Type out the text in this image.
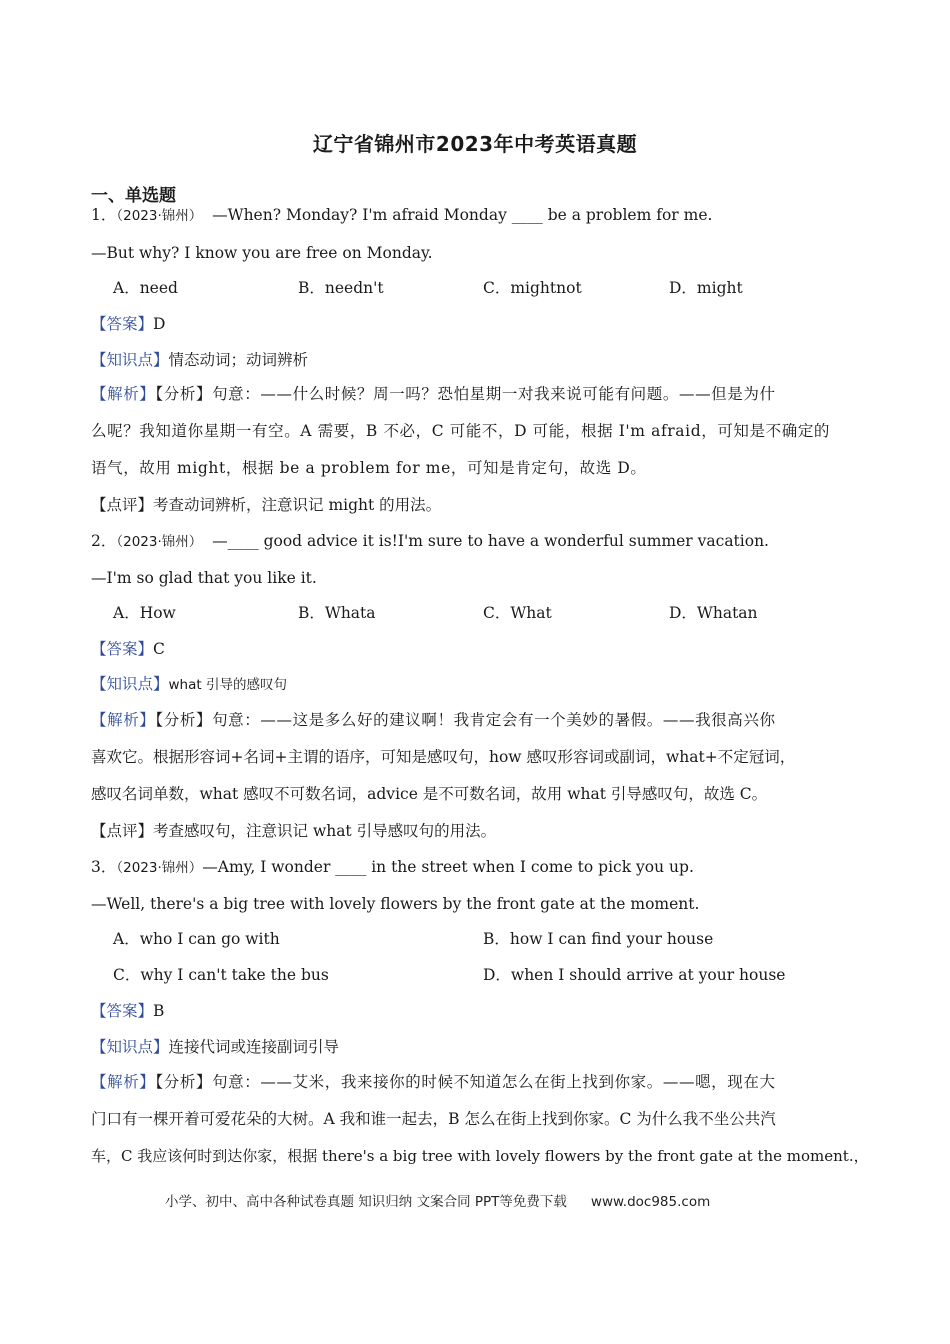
辽宁省锦州市2023年中考英语真题
一、单选题
1．（2023·锦州） —When? Monday? I'm afraid Monday ____ be a problem for me.
—But why? I know you are free on Monday.
A．need	B．needn't	C．mightnot	D．might
【答案】D
【知识点】情态动词；动词辨析
【解析】【分析】句意：——什么时候？周一吗？恐怕星期一对我来说可能有问题。——但是为什
么呢？我知道你星期一有空。A 需要，B 不必，C 可能不，D 可能，根据 I'm afraid，可知是不确定的
语气，故用 might，根据 be a problem for me，可知是肯定句，故选 D。
【点评】考查动词辨析，注意识记 might 的用法。
2．（2023·锦州） —____ good advice it is!I'm sure to have a wonderful summer vacation.
—I'm so glad that you like it.
A．How	B．Whata	C．What	D．Whatan
【答案】C
【知识点】what 引导的感叹句
【解析】【分析】句意：——这是多么好的建议啊！我肯定会有一个美妙的暑假。——我很高兴你
喜欢它。根据形容词+名词+主谓的语序，可知是感叹句，how 感叹形容词或副词，what+不定冠词，
感叹名词单数，what 感叹不可数名词，advice 是不可数名词，故用 what 引导感叹句，故选 C。
【点评】考查感叹句，注意识记 what 引导感叹句的用法。
3．（2023·锦州）—Amy, I wonder ____ in the street when I come to pick you up.
—Well, there's a big tree with lovely flowers by the front gate at the moment.
A．who I can go with	B．how I can find your house
C．why I can't take the bus	D．when I should arrive at your house
【答案】B
【知识点】连接代词或连接副词引导
【解析】【分析】句意：——艾米，我来接你的时候不知道怎么在街上找到你家。——嗯，现在大
门口有一棵开着可爱花朵的大树。A 我和谁一起去，B 怎么在街上找到你家。C 为什么我不坐公共汽
车，C 我应该何时到达你家，根据 there's a big tree with lovely flowers by the front gate at the moment.，
小学、初中、高中各种试卷真题 知识归纳 文案合同 PPT等免费下载 www.doc985.com
